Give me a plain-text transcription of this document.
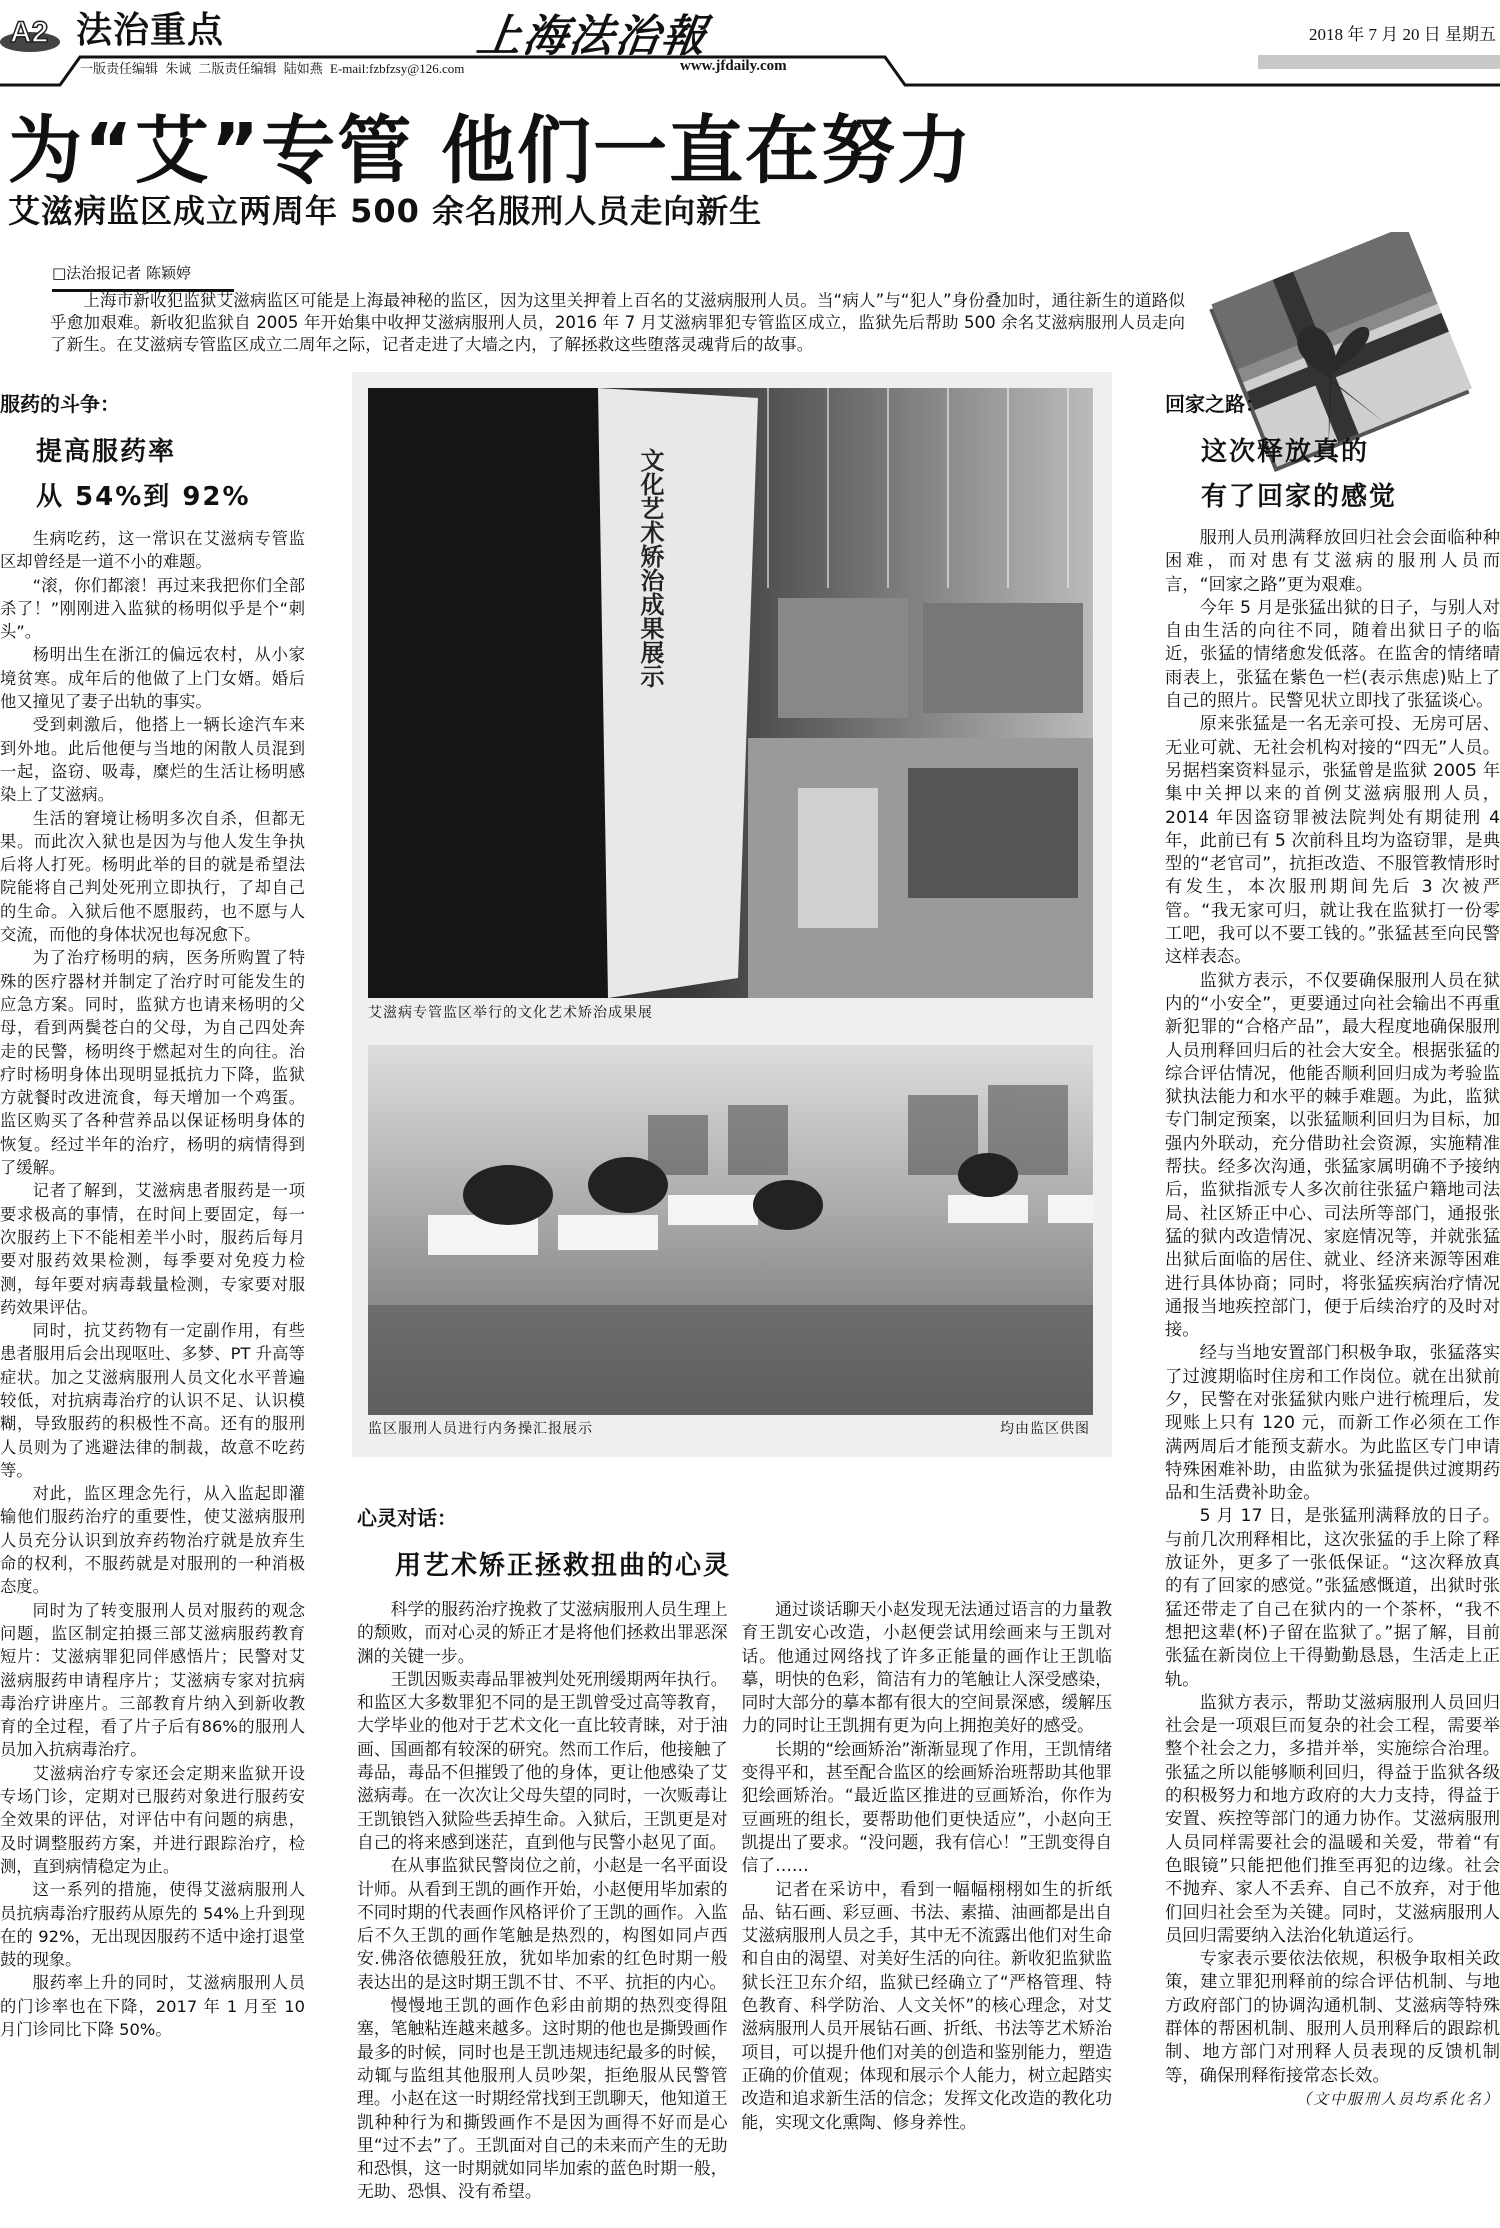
A2 法治重点	上海法治報	2018 年 7 月 20 日 星期五
一版责任编辑 朱诚 二版责任编辑 陆如燕 E-mail:fzbfzsy@126.com	www.jfdaily.com
为“艾”专管 他们一直在努力
艾滋病监区成立两周年 500 余名服刑人员走向新生
□法治报记者 陈颖婷

上海市新收犯监狱艾滋病监区可能是上海最神秘的监区，因为这里关押着上百名的艾滋病服刑人员。当“病人”与“犯人”身份叠加时，通往新生的道路似乎愈加艰难。新收犯监狱自 2005 年开始集中收押艾滋病服刑人员，2016 年 7 月艾滋病罪犯专管监区成立，监狱先后帮助 500 余名艾滋病服刑人员走向了新生。在艾滋病专管监区成立二周年之际，记者走进了大墙之内，了解拯救这些堕落灵魂背后的故事。

服药的斗争：
提高服药率
从 54%到 92%

生病吃药，这一常识在艾滋病专管监区却曾经是一道不小的难题。

“滚，你们都滚！再过来我把你们全部杀了！”刚刚进入监狱的杨明似乎是个“刺头”。

杨明出生在浙江的偏远农村，从小家境贫寒。成年后的他做了上门女婿。婚后他又撞见了妻子出轨的事实。

受到刺激后，他搭上一辆长途汽车来到外地。此后他便与当地的闲散人员混到一起，盗窃、吸毒，糜烂的生活让杨明感染上了艾滋病。

生活的窘境让杨明多次自杀，但都无果。而此次入狱也是因为与他人发生争执后将人打死。杨明此举的目的就是希望法院能将自己判处死刑立即执行，了却自己的生命。入狱后他不愿服药，也不愿与人交流，而他的身体状况也每况愈下。

为了治疗杨明的病，医务所购置了特殊的医疗器材并制定了治疗时可能发生的应急方案。同时，监狱方也请来杨明的父母，看到两鬓苍白的父母，为自己四处奔走的民警，杨明终于燃起对生的向往。治疗时杨明身体出现明显抵抗力下降，监狱方就餐时改进流食，每天增加一个鸡蛋。监区购买了各种营养品以保证杨明身体的恢复。经过半年的治疗，杨明的病情得到了缓解。

记者了解到，艾滋病患者服药是一项要求极高的事情，在时间上要固定，每一次服药上下不能相差半小时，服药后每月要对服药效果检测，每季要对免疫力检测，每年要对病毒载量检测，专家要对服药效果评估。

同时，抗艾药物有一定副作用，有些患者服用后会出现呕吐、多梦、PT 升高等症状。加之艾滋病服刑人员文化水平普遍较低，对抗病毒治疗的认识不足、认识模糊，导致服药的积极性不高。还有的服刑人员则为了逃避法律的制裁，故意不吃药等。

对此，监区理念先行，从入监起即灌输他们服药治疗的重要性，使艾滋病服刑人员充分认识到放弃药物治疗就是放弃生命的权利，不服药就是对服刑的一种消极态度。

同时为了转变服刑人员对服药的观念问题，监区制定拍摄三部艾滋病服药教育短片：艾滋病罪犯同伴感悟片；民警对艾滋病服药申请程序片；艾滋病专家对抗病毒治疗讲座片。三部教育片纳入到新收教育的全过程，看了片子后有86%的服刑人员加入抗病毒治疗。

艾滋病治疗专家还会定期来监狱开设专场门诊，定期对已服药对象进行服药安全效果的评估，对评估中有问题的病患，及时调整服药方案，并进行跟踪治疗，检测，直到病情稳定为止。

这一系列的措施，使得艾滋病服刑人员抗病毒治疗服药从原先的 54%上升到现在的 92%，无出现因服药不适中途打退堂鼓的现象。

服药率上升的同时，艾滋病服刑人员的门诊率也在下降，2017 年 1 月至 10 月门诊同比下降 50%。

文化艺术矫治成果展示
艾滋病专管监区举行的文化艺术矫治成果展
监区服刑人员进行内务操汇报展示	均由监区供图
心灵对话：
用艺术矫正拯救扭曲的心灵

科学的服药治疗挽救了艾滋病服刑人员生理上的颓败，而对心灵的矫正才是将他们拯救出罪恶深渊的关键一步。

王凯因贩卖毒品罪被判处死刑缓期两年执行。和监区大多数罪犯不同的是王凯曾受过高等教育，大学毕业的他对于艺术文化一直比较青睐，对于油画、国画都有较深的研究。然而工作后，他接触了毒品，毒品不但摧毁了他的身体，更让他感染了艾滋病毒。在一次次让父母失望的同时，一次贩毒让王凯锒铛入狱险些丢掉生命。入狱后，王凯更是对自己的将来感到迷茫，直到他与民警小赵见了面。

在从事监狱民警岗位之前，小赵是一名平面设计师。从看到王凯的画作开始，小赵便用毕加索的不同时期的代表画作风格评价了王凯的画作。入监后不久王凯的画作笔触是热烈的，构图如同卢西安.佛洛依德般狂放，犹如毕加索的红色时期一般表达出的是这时期王凯不甘、不平、抗拒的内心。

慢慢地王凯的画作色彩由前期的热烈变得阻塞，笔触粘连越来越多。这时期的他也是撕毁画作最多的时候，同时也是王凯违规违纪最多的时候，动辄与监组其他服刑人员吵架，拒绝服从民警管理。小赵在这一时期经常找到王凯聊天，他知道王凯种种行为和撕毁画作不是因为画得不好而是心里“过不去”了。王凯面对自己的未来而产生的无助和恐惧，这一时期就如同毕加索的蓝色时期一般，无助、恐惧、没有希望。

通过谈话聊天小赵发现无法通过语言的力量教育王凯安心改造，小赵便尝试用绘画来与王凯对话。他通过网络找了许多正能量的画作让王凯临摹，明快的色彩，简洁有力的笔触让人深受感染，同时大部分的摹本都有很大的空间景深感，缓解压力的同时让王凯拥有更为向上拥抱美好的感受。

长期的“绘画矫治”渐渐显现了作用，王凯情绪变得平和，甚至配合监区的绘画矫治班帮助其他罪犯绘画矫治。“最近监区推进的豆画矫治，你作为豆画班的组长，要帮助他们更快适应”，小赵向王凯提出了要求。“没问题，我有信心！”王凯变得自信了……

记者在采访中，看到一幅幅栩栩如生的折纸品、钻石画、彩豆画、书法、素描、油画都是出自艾滋病服刑人员之手，其中无不流露出他们对生命和自由的渴望、对美好生活的向往。新收犯监狱监狱长汪卫东介绍，监狱已经确立了“严格管理、特色教育、科学防治、人文关怀”的核心理念，对艾滋病服刑人员开展钻石画、折纸、书法等艺术矫治项目，可以提升他们对美的创造和鉴别能力，塑造正确的价值观；体现和展示个人能力，树立起踏实改造和追求新生活的信念；发挥文化改造的教化功能，实现文化熏陶、修身养性。

回家之路：
这次释放真的
有了回家的感觉

服刑人员刑满释放回归社会会面临种种困难，而对患有艾滋病的服刑人员而言，“回家之路”更为艰难。

今年 5 月是张猛出狱的日子，与别人对自由生活的向往不同，随着出狱日子的临近，张猛的情绪愈发低落。在监舍的情绪晴雨表上，张猛在紫色一栏(表示焦虑)贴上了自己的照片。民警见状立即找了张猛谈心。

原来张猛是一名无亲可投、无房可居、无业可就、无社会机构对接的“四无”人员。另据档案资料显示，张猛曾是监狱 2005 年集中关押以来的首例艾滋病服刑人员，2014 年因盗窃罪被法院判处有期徒刑 4 年，此前已有 5 次前科且均为盗窃罪，是典型的“老官司”，抗拒改造、不服管教情形时有发生，本次服刑期间先后 3 次被严管。“我无家可归，就让我在监狱打一份零工吧，我可以不要工钱的。”张猛甚至向民警这样表态。

监狱方表示，不仅要确保服刑人员在狱内的“小安全”，更要通过向社会输出不再重新犯罪的“合格产品”，最大程度地确保服刑人员刑释回归后的社会大安全。根据张猛的综合评估情况，他能否顺利回归成为考验监狱执法能力和水平的棘手难题。为此，监狱专门制定预案，以张猛顺利回归为目标，加强内外联动，充分借助社会资源，实施精准帮扶。经多次沟通，张猛家属明确不予接纳后，监狱指派专人多次前往张猛户籍地司法局、社区矫正中心、司法所等部门，通报张猛的狱内改造情况、家庭情况等，并就张猛出狱后面临的居住、就业、经济来源等困难进行具体协商；同时，将张猛疾病治疗情况通报当地疾控部门，便于后续治疗的及时对接。

经与当地安置部门积极争取，张猛落实了过渡期临时住房和工作岗位。就在出狱前夕，民警在对张猛狱内账户进行梳理后，发现账上只有 120 元，而新工作必须在工作满两周后才能预支薪水。为此监区专门申请特殊困难补助，由监狱为张猛提供过渡期药品和生活费补助金。

5 月 17 日，是张猛刑满释放的日子。与前几次刑释相比，这次张猛的手上除了释放证外，更多了一张低保证。“这次释放真的有了回家的感觉。”张猛感慨道，出狱时张猛还带走了自己在狱内的一个茶杯，“我不想把这辈(杯)子留在监狱了。”据了解，目前张猛在新岗位上干得勤勤恳恳，生活走上正轨。

监狱方表示，帮助艾滋病服刑人员回归社会是一项艰巨而复杂的社会工程，需要举整个社会之力，多措并举，实施综合治理。张猛之所以能够顺利回归，得益于监狱各级的积极努力和地方政府的大力支持，得益于安置、疾控等部门的通力协作。艾滋病服刑人员同样需要社会的温暖和关爱，带着“有色眼镜”只能把他们推至再犯的边缘。社会不抛弃、家人不丢弃、自己不放弃，对于他们回归社会至为关键。同时，艾滋病服刑人员回归需要纳入法治化轨道运行。

专家表示要依法依规，积极争取相关政策，建立罪犯刑释前的综合评估机制、与地方政府部门的协调沟通机制、艾滋病等特殊群体的帮困机制、服刑人员刑释后的跟踪机制、地方部门对刑释人员表现的反馈机制等，确保刑释衔接常态长效。

（文中服刑人员均系化名）
